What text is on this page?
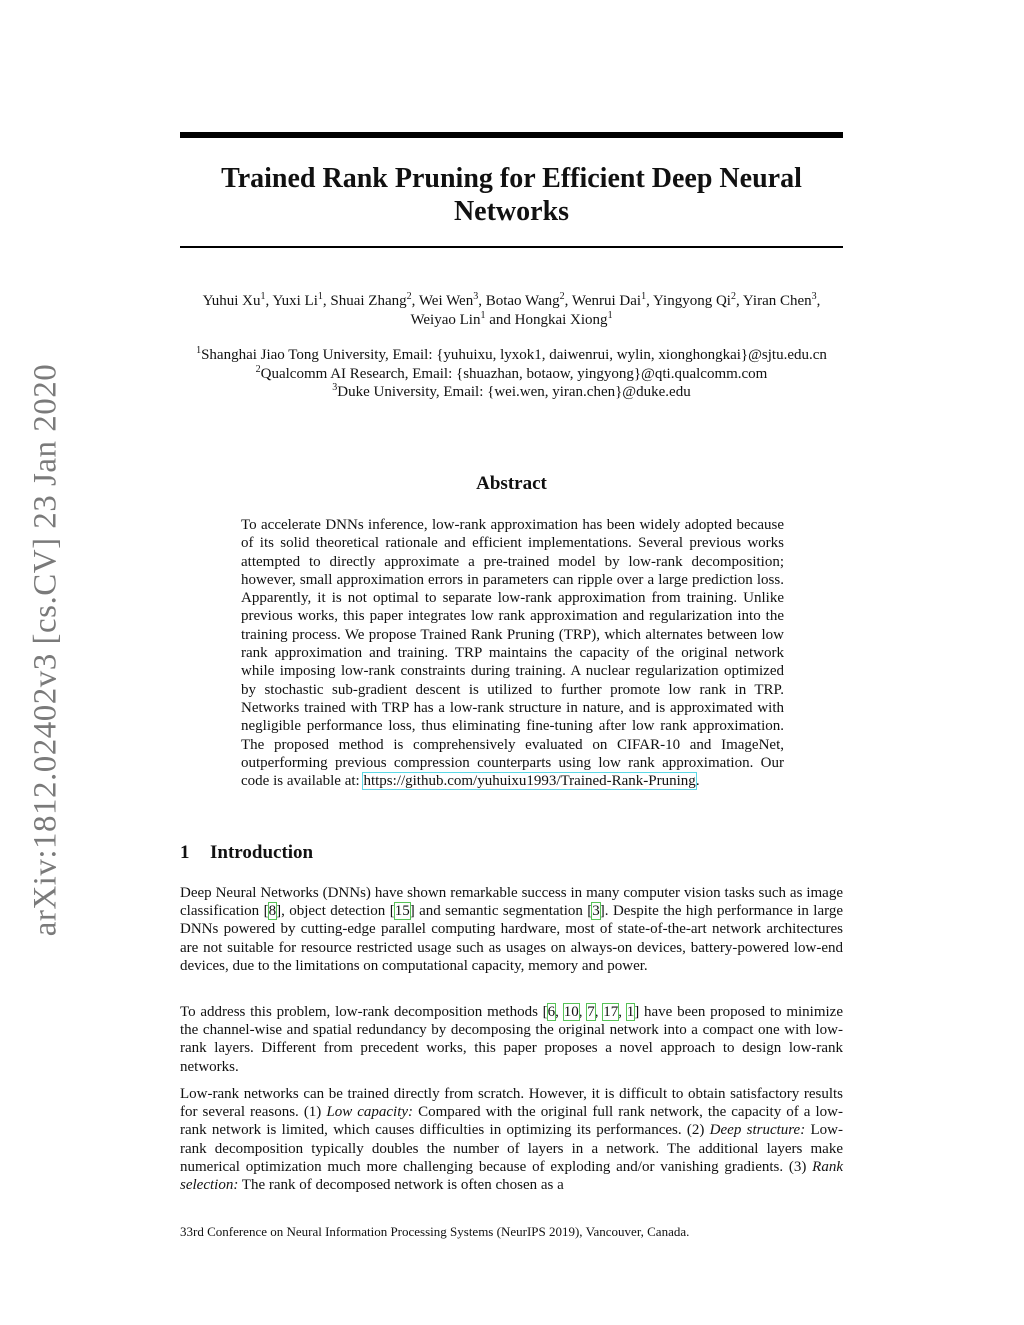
arXiv:1812.02402v3 [cs.CV] 23 Jan 2020
Trained Rank Pruning for Efficient Deep Neural Networks
Yuhui Xu$^1$, Yuxi Li$^1$, Shuai Zhang$^2$, Wei Wen$^3$, Botao Wang$^2$, Wenrui Dai$^1$, Yingyong Qi$^2$, Yiran Chen$^3$, Weiyao Lin$^1$ and Hongkai Xiong$^1$
$^1$Shanghai Jiao Tong University, Email: {yuhuixu, lyxok1, daiwenrui, wylin, xionghongkai}@sjtu.edu.cn
$^2$Qualcomm AI Research, Email: {shuazhan, botaow, yingyong}@qti.qualcomm.com
$^3$Duke University, Email: {wei.wen, yiran.chen}@duke.edu
Abstract

To accelerate DNNs inference, low-rank approximation has been widely adopted because of its solid theoretical rationale and efficient implementations. Several previous works attempted to directly approximate a pre-trained model by low-rank decomposition; however, small approximation errors in parameters can ripple over a large prediction loss. Apparently, it is not optimal to separate low-rank approximation from training. Unlike previous works, this paper integrates low rank approximation and regularization into the training process. We propose Trained Rank Pruning (TRP), which alternates between low rank approximation and training. TRP maintains the capacity of the original network while imposing low-rank constraints during training. A nuclear regularization optimized by stochastic sub-gradient descent is utilized to further promote low rank in TRP. Networks trained with TRP has a low-rank structure in nature, and is approximated with negligible performance loss, thus eliminating fine-tuning after low rank approximation. The proposed method is comprehensively evaluated on CIFAR-10 and ImageNet, outperforming previous compression counterparts using low rank approximation. Our code is available at: https://github.com/yuhuixu1993/Trained-Rank-Pruning.

1 Introduction

Deep Neural Networks (DNNs) have shown remarkable success in many computer vision tasks such as image classification [8], object detection [15] and semantic segmentation [3]. Despite the high performance in large DNNs powered by cutting-edge parallel computing hardware, most of state-of-the-art network architectures are not suitable for resource restricted usage such as usages on always-on devices, battery-powered low-end devices, due to the limitations on computational capacity, memory and power.

To address this problem, low-rank decomposition methods [6, 10, 7, 17, 1] have been proposed to minimize the channel-wise and spatial redundancy by decomposing the original network into a compact one with low-rank layers. Different from precedent works, this paper proposes a novel approach to design low-rank networks.

Low-rank networks can be trained directly from scratch. However, it is difficult to obtain satisfactory results for several reasons. (1) Low capacity: Compared with the original full rank network, the capacity of a low-rank network is limited, which causes difficulties in optimizing its performances. (2) Deep structure: Low-rank decomposition typically doubles the number of layers in a network. The additional layers make numerical optimization much more challenging because of exploding and/or vanishing gradients. (3) Rank selection: The rank of decomposed network is often chosen as a

33rd Conference on Neural Information Processing Systems (NeurIPS 2019), Vancouver, Canada.
